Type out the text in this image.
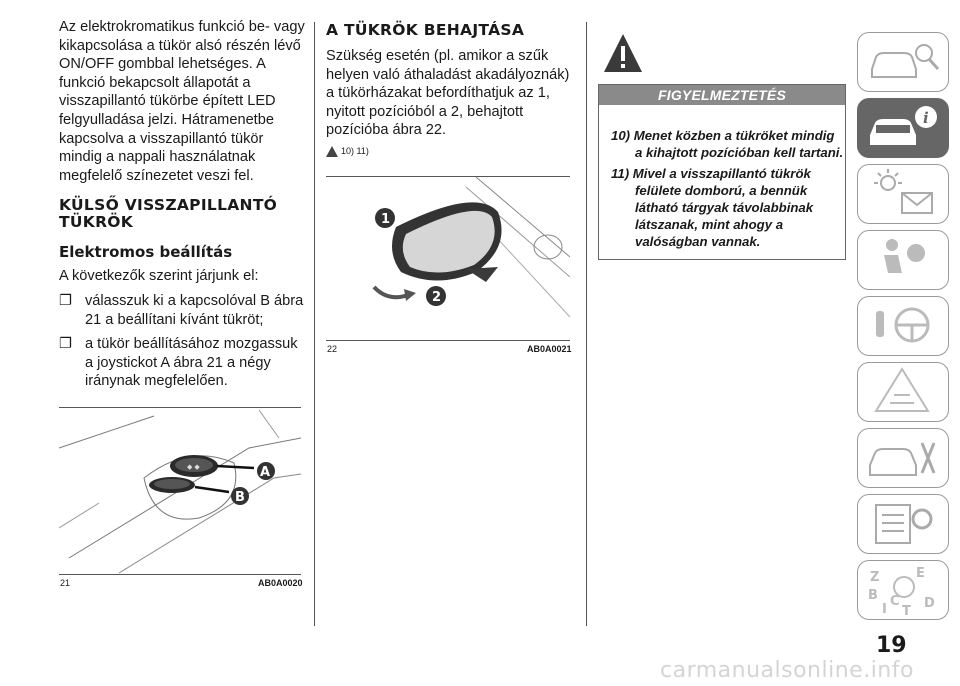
Az elektrokromatikus funkció be- vagy kikapcsolása a tükör alsó részén lévő ON/OFF gombbal lehetséges. A funkció bekapcsolt állapotát a visszapillantó tükörbe épített LED felgyulladása jelzi. Hátramenetbe kapcsolva a visszapillantó tükör mindig a nappali használatnak megfelelő színezetet veszi fel.

KÜLSŐ VISSZAPILLANTÓ TÜKRÖK
Elektromos beállítás

A következők szerint járjunk el:

❐ válasszuk ki a kapcsolóval B ábra 21 a beállítani kívánt tükröt;
❐ a tükör beállításához mozgassuk a joystickot A ábra 21 a négy iránynak megfelelően.
◆ ◆	A
B
21	AB0A0020
A TÜKRÖK BEHAJTÁSA

Szükség esetén (pl. amikor a szűk helyen való áthaladást akadályoznák) a tükörházakat befordíthatjuk az 1, nyitott pozícióból a 2, behajtott pozícióba ábra 22.

10) 11)
1
2
22	AB0A0021
FIGYELMEZTETÉS

10) Menet közben a tükröket mindig a kihajtott pozícióban kell tartani.

11) Mivel a visszapillantó tükrök felülete domború, a bennük látható tárgyak távolabbinak látszanak, mint ahogy a valóságban vannak.

i
Z	E
B
D
I
C
T
19
carmanualsonline.info
